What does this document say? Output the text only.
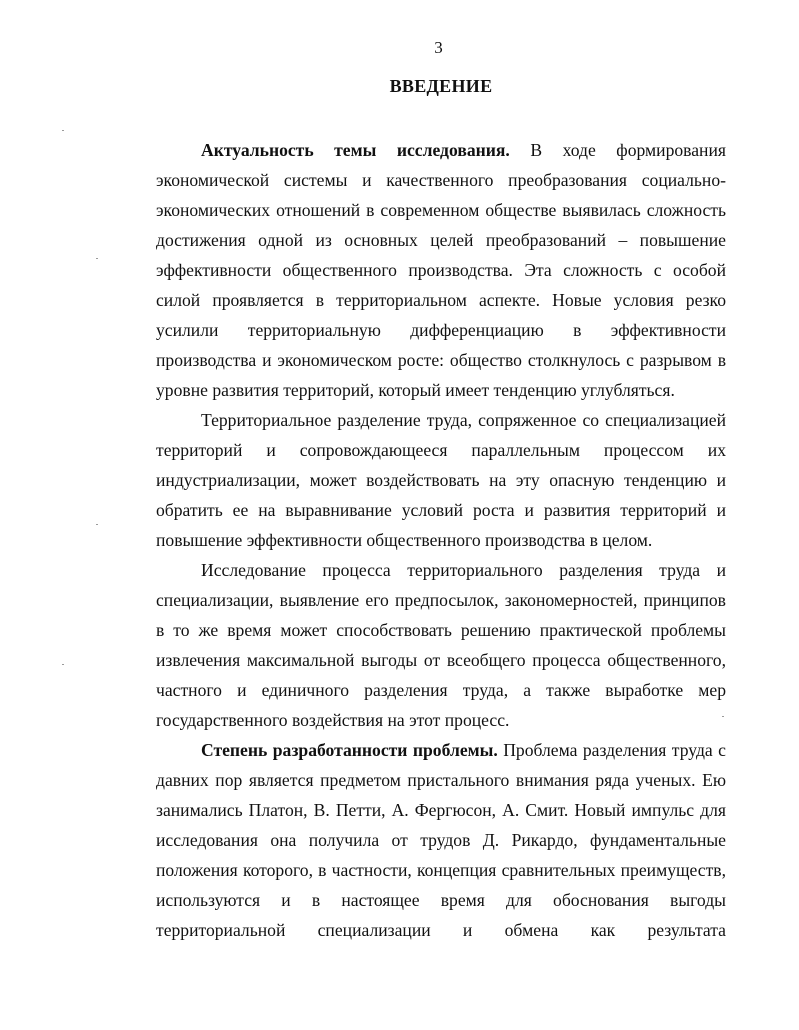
3
ВВЕДЕНИЕ
Актуальность темы исследования. В ходе формирования
экономической системы и качественного преобразования социально-
экономических отношений в современном обществе выявилась сложность
достижения одной из основных целей преобразований – повышение
эффективности общественного производства. Эта сложность с особой
силой проявляется в территориальном аспекте. Новые условия резко
усилили территориальную дифференциацию в эффективности
производства и экономическом росте: общество столкнулось с разрывом в
уровне развития территорий, который имеет тенденцию углубляться.
Территориальное разделение труда, сопряженное со специализацией
территорий и сопровождающееся параллельным процессом их
индустриализации, может воздействовать на эту опасную тенденцию и
обратить ее на выравнивание условий роста и развития территорий и
повышение эффективности общественного производства в целом.
Исследование процесса территориального разделения труда и
специализации, выявление его предпосылок, закономерностей, принципов
в то же время может способствовать решению практической проблемы
извлечения максимальной выгоды от всеобщего процесса общественного,
частного и единичного разделения труда, а также выработке мер
государственного воздействия на этот процесс.
Степень разработанности проблемы. Проблема разделения труда с
давних пор является предметом пристального внимания ряда ученых. Ею
занимались Платон, В. Петти, А. Фергюсон, А. Смит. Новый импульс для
исследования она получила от трудов Д. Рикардо, фундаментальные
положения которого, в частности, концепция сравнительных преимуществ,
используются и в настоящее время для обоснования выгоды
территориальной специализации и обмена как результата
